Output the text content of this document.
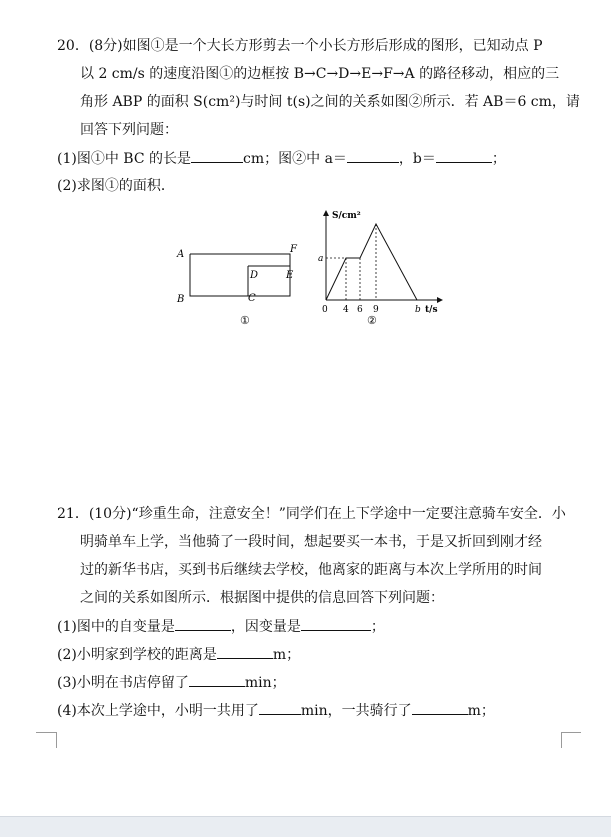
20．(8分)如图①是一个大长方形剪去一个小长方形后形成的图形，已知动点 P
以 2 cm/s 的速度沿图①的边框按 B→C→D→E→F→A 的路径移动，相应的三
角形 ABP 的面积 S(cm²)与时间 t(s)之间的关系如图②所示．若 AB＝6 cm，请
回答下列问题：
(1)图①中 BC 的长是	cm；图②中 a＝	，b＝	；
(2)求图①的面积．
A	F
D	E
B	C
①
S/cm²
a
0 4 6 9	b t/s
②
21．(10分)“珍重生命，注意安全！”同学们在上下学途中一定要注意骑车安全．小
明骑单车上学，当他骑了一段时间，想起要买一本书，于是又折回到刚才经
过的新华书店，买到书后继续去学校，他离家的距离与本次上学所用的时间
之间的关系如图所示．根据图中提供的信息回答下列问题：
(1)图中的自变量是	，因变量是	；
(2)小明家到学校的距离是	m；
(3)小明在书店停留了	min；
(4)本次上学途中，小明一共用了	min，一共骑行了	m；
